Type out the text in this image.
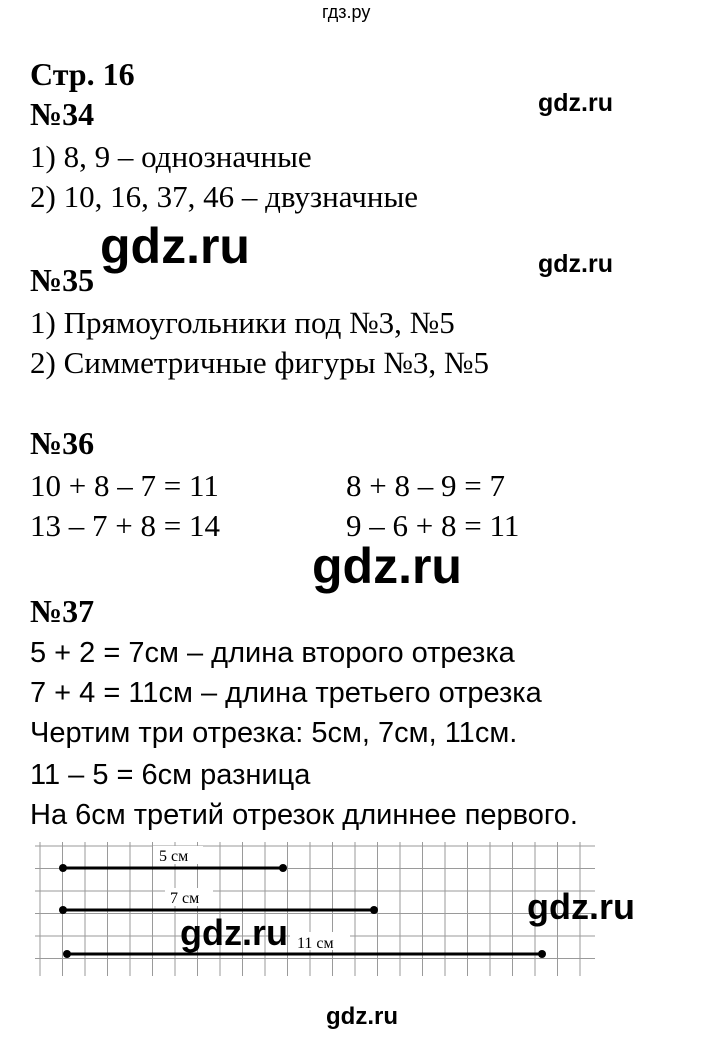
гдз.ру
Стр. 16
№34	gdz.ru
1) 8, 9 – однозначные
2) 10, 16, 37, 46 – двузначные
gdz.ru	gdz.ru
№35
1) Прямоугольники под №3, №5
2) Симметричные фигуры №3, №5
№36
10 + 8 – 7 = 11	8 + 8 – 9 = 7
13 – 7 + 8 = 14	9 – 6 + 8 = 11
gdz.ru
№37
5 + 2 = 7см – длина второго отрезка
7 + 4 = 11см – длина третьего отрезка
Чертим три отрезка: 5см, 7см, 11см.
11 – 5 = 6см разница
На 6см третий отрезок длиннее первого.
5 см
7 см
11 см
gdz.ru
gdz.ru
gdz.ru
